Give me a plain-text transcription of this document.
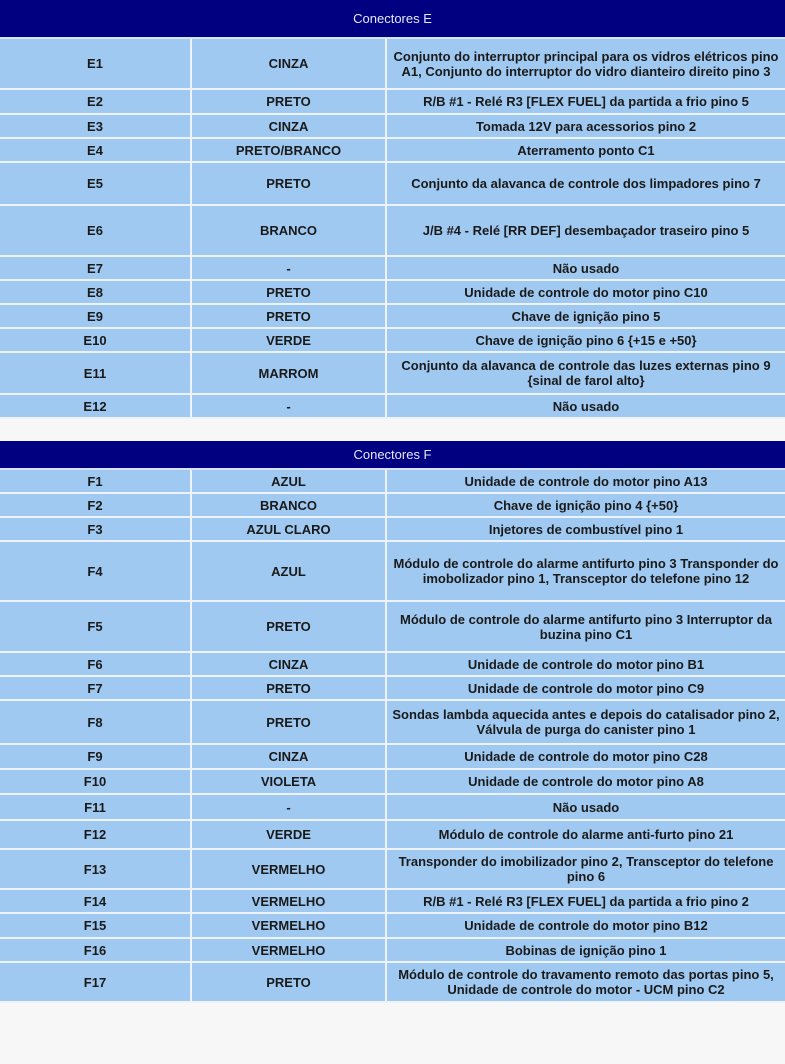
Conectores E		
E1	CINZA	Conjunto do interruptor principal para os vidros elétricos pino A1, Conjunto do interruptor do vidro dianteiro direito pino 3
E2	PRETO	R/B #1 - Relé R3 [FLEX FUEL] da partida a frio pino 5
E3	CINZA	Tomada 12V para acessorios pino 2
E4	PRETO/BRANCO	Aterramento ponto C1
E5	PRETO	Conjunto da alavanca de controle dos limpadores pino 7
E6	BRANCO	J/B #4 - Relé [RR DEF] desembaçador traseiro pino 5
E7	-	Não usado
E8	PRETO	Unidade de controle do motor pino C10
E9	PRETO	Chave de ignição pino 5
E10	VERDE	Chave de ignição pino 6 {+15 e +50}
E11	MARROM	Conjunto da alavanca de controle das luzes externas pino 9 {sinal de farol alto}
E12	-	Não usado
Conectores F		
F1	AZUL	Unidade de controle do motor pino A13
F2	BRANCO	Chave de ignição pino 4 {+50}
F3	AZUL CLARO	Injetores de combustível pino 1
F4	AZUL	Módulo de controle do alarme antifurto pino 3 Transponder do imobolizador pino 1, Transceptor do telefone pino 12
F5	PRETO	Módulo de controle do alarme antifurto pino 3 Interruptor da buzina pino C1
F6	CINZA	Unidade de controle do motor pino B1
F7	PRETO	Unidade de controle do motor pino C9
F8	PRETO	Sondas lambda aquecida antes e depois do catalisador pino 2, Válvula de purga do canister pino 1
F9	CINZA	Unidade de controle do motor pino C28
F10	VIOLETA	Unidade de controle do motor pino A8
F11	-	Não usado
F12	VERDE	Módulo de controle do alarme anti-furto pino 21
F13	VERMELHO	Transponder do imobilizador pino 2, Transceptor do telefone pino 6
F14	VERMELHO	R/B #1 - Relé R3 [FLEX FUEL] da partida a frio pino 2
F15	VERMELHO	Unidade de controle do motor pino B12
F16	VERMELHO	Bobinas de ignição pino 1
F17	PRETO	Módulo de controle do travamento remoto das portas pino 5, Unidade de controle do motor - UCM pino C2
